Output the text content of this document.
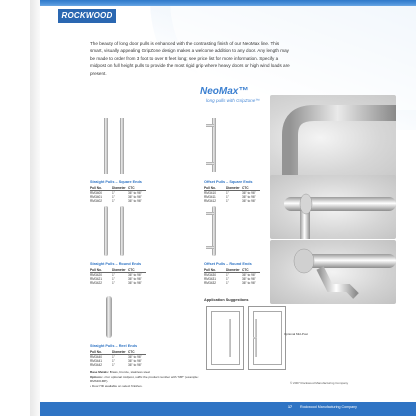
ROCKWOOD
The beauty of long door pulls is enhanced with the contrasting finish of our NeoMax line. This smart, visually appealing GripZone design makes a welcome addition to any door. Any length may be made to order from 3 foot to over 8 feet long; see price list for more information. Specify a midpost on full height pulls to provide the most rigid grip where heavy doors or high wind loads are present.
NeoMax™
long pulls with GripZone™
Straight Pulls – Square Ends
Pull No.	Diameter CTC
RM3400	1"	36" to 96"
RM3401	1"	36" to 96"
RM3402	1"	36" to 96"
Straight Pulls – Round Ends
Pull No.	Diameter CTC
RM3420	1"	36" to 96"
RM3421	1"	36" to 96"
RM3422	1"	36" to 96"
Straight Pulls – Reel Ends
Pull No.	Diameter CTC
RM3440	1"	36" to 96"
RM3441	1"	36" to 96"
RM3442	1"	36" to 96"
Offset Pulls – Square Ends
Pull No.	Diameter CTC
RM3410	1"	36" to 96"
RM3411	1"	36" to 96"
RM3412	1"	36" to 96"
Offset Pulls – Round Ends
Pull No.	Diameter CTC
RM3430	1"	36" to 96"
RM3431	1"	36" to 96"
RM3432	1"	36" to 96"
Application Suggestions
Optional Mid-Post
Base Metals: Brass, bronze, stainless steel
Options: • For optional midpost, suffix the product number with "MP" (example: RM3401MP).
• Door HD available on select finishes.
© 2007 Rockwood Manufacturing Company
17 Rockwood Manufacturing Company
